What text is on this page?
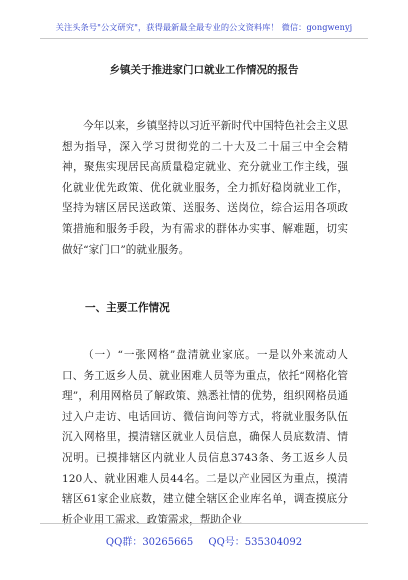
关注头条号"公文研究"，获得最新最全最专业的公文资料库！ 微信：gongwenyj
乡镇关于推进家门口就业工作情况的报告
今年以来，乡镇坚持以习近平新时代中国特色社会主义思想为指导，深入学习贯彻党的二十大及二十届三中全会精神，聚焦实现居民高质量稳定就业、充分就业工作主线，强化就业优先政策、优化就业服务，全力抓好稳岗就业工作，坚持为辖区居民送政策、送服务、送岗位，综合运用各项政策措施和服务手段，为有需求的群体办实事、解难题，切实做好“家门口”的就业服务。
一、主要工作情况
（一）“一张网格”盘清就业家底。一是以外来流动人口、务工返乡人员、就业困难人员等为重点，依托“网格化管理”，利用网格员了解政策、熟悉社情的优势，组织网格员通过入户走访、电话回访、微信询问等方式，将就业服务队伍沉入网格里，摸清辖区就业人员信息，确保人员底数清、情况明。已摸排辖区内就业人员信息3743条、务工返乡人员120人、就业困难人员44名。二是以产业园区为重点，摸清辖区61家企业底数，建立健全辖区企业库名单，调查摸底分析企业用工需求、政策需求，帮助企业
QQ群：30265665 QQ号：535304092
